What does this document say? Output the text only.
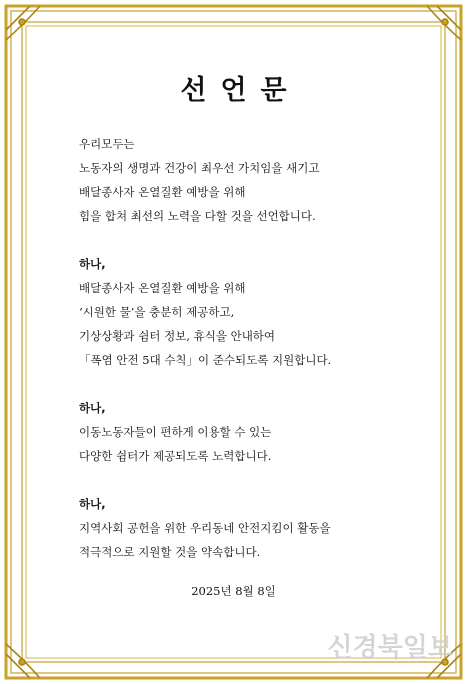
선언문
우리모두는
노동자의 생명과 건강이 최우선 가치임을 새기고
배달종사자 온열질환 예방을 위해
힘을 합쳐 최선의 노력을 다할 것을 선언합니다.
하나,
배달종사자 온열질환 예방을 위해
‘시원한 물’을 충분히 제공하고,
기상상황과 쉼터 정보, 휴식을 안내하여
「폭염 안전 5대 수칙」이 준수되도록 지원합니다.
하나,
이동노동자들이 편하게 이용할 수 있는
다양한 쉼터가 제공되도록 노력합니다.
하나,
지역사회 공헌을 위한 우리동네 안전지킴이 활동을
적극적으로 지원할 것을 약속합니다.
2025년 8월 8일
신경북일보
